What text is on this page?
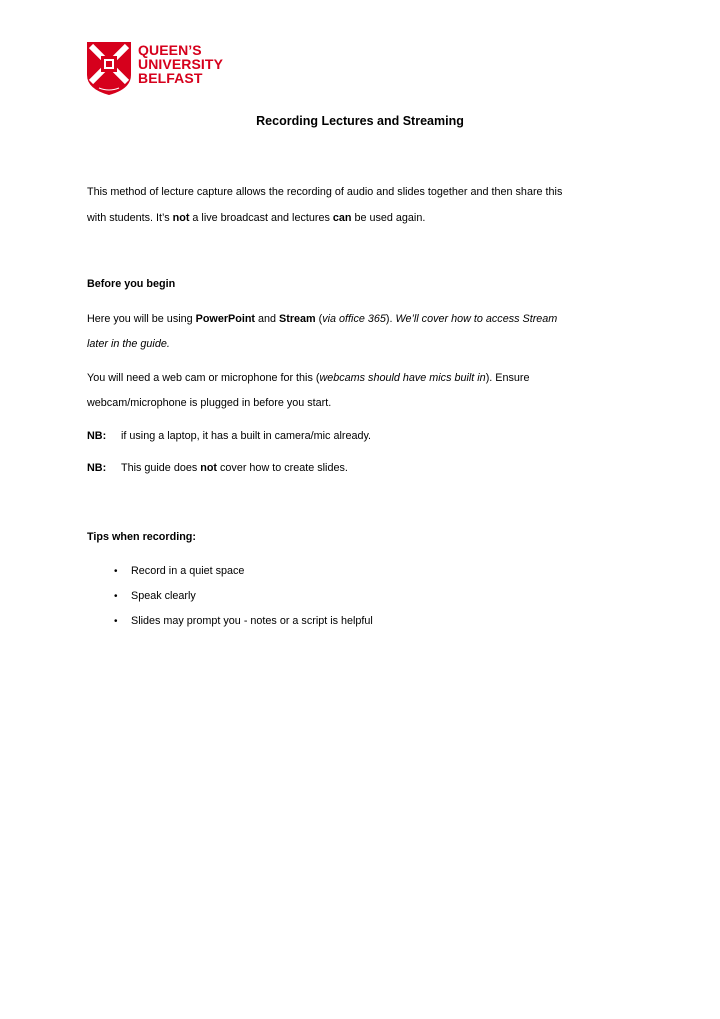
QUEEN’S
UNIVERSITY
BELFAST
Recording Lectures and Streaming
This method of lecture capture allows the recording of audio and slides together and then share this
with students. It’s not a live broadcast and lectures can be used again.
Before you begin
Here you will be using PowerPoint and Stream (via office 365). We’ll cover how to access Stream
later in the guide.
You will need a web cam or microphone for this (webcams should have mics built in). Ensure
webcam/microphone is plugged in before you start.
NB: if using a laptop, it has a built in camera/mic already.
NB: This guide does not cover how to create slides.
Tips when recording:
• Record in a quiet space
• Speak clearly
• Slides may prompt you - notes or a script is helpful
